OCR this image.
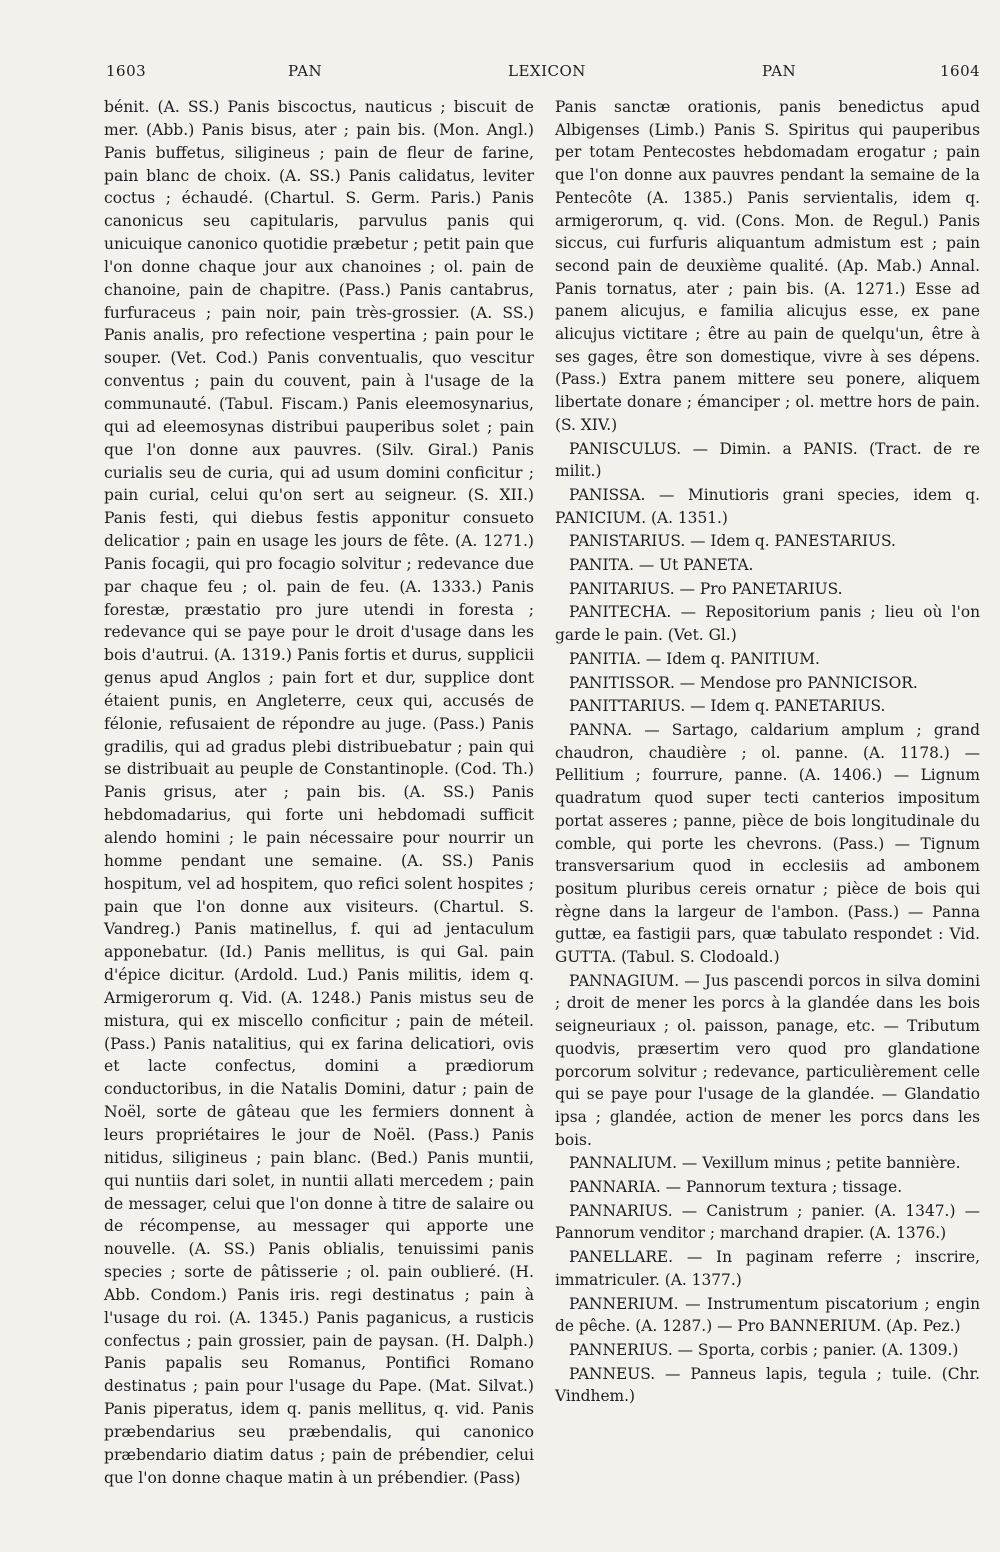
1603	PAN	LEXICON	PAN	1604

bénit. (A. SS.) Panis biscoctus, nauticus ; biscuit de mer. (Abb.) Panis bisus, ater ; pain bis. (Mon. Angl.) Panis buffetus, siligineus ; pain de fleur de farine, pain blanc de choix. (A. SS.) Panis calidatus, leviter coctus ; échaudé. (Chartul. S. Germ. Paris.) Panis canonicus seu capitularis, parvulus panis qui unicuique canonico quotidie præbetur ; petit pain que l'on donne chaque jour aux chanoines ; ol. pain de chanoine, pain de chapitre. (Pass.) Panis cantabrus, furfuraceus ; pain noir, pain très-grossier. (A. SS.) Panis analis, pro refectione vespertina ; pain pour le souper. (Vet. Cod.) Panis conventualis, quo vescitur conventus ; pain du couvent, pain à l'usage de la communauté. (Tabul. Fiscam.) Panis eleemosynarius, qui ad eleemosynas distribui pauperibus solet ; pain que l'on donne aux pauvres. (Silv. Giral.) Panis curialis seu de curia, qui ad usum domini conficitur ; pain curial, celui qu'on sert au seigneur. (S. XII.) Panis festi, qui diebus festis apponitur consueto delicatior ; pain en usage les jours de fête. (A. 1271.) Panis focagii, qui pro focagio solvitur ; redevance due par chaque feu ; ol. pain de feu. (A. 1333.) Panis forestæ, præstatio pro jure utendi in foresta ; redevance qui se paye pour le droit d'usage dans les bois d'autrui. (A. 1319.) Panis fortis et durus, supplicii genus apud Anglos ; pain fort et dur, supplice dont étaient punis, en Angleterre, ceux qui, accusés de félonie, refusaient de répondre au juge. (Pass.) Panis gradilis, qui ad gradus plebi distribuebatur ; pain qui se distribuait au peuple de Constantinople. (Cod. Th.) Panis grisus, ater ; pain bis. (A. SS.) Panis hebdomadarius, qui forte uni hebdomadi sufficit alendo homini ; le pain nécessaire pour nourrir un homme pendant une semaine. (A. SS.) Panis hospitum, vel ad hospitem, quo refici solent hospites ; pain que l'on donne aux visiteurs. (Chartul. S. Vandreg.) Panis matinellus, f. qui ad jentaculum apponebatur. (Id.) Panis mellitus, is qui Gal. pain d'épice dicitur. (Ardold. Lud.) Panis militis, idem q. Armigerorum q. Vid. (A. 1248.) Panis mistus seu de mistura, qui ex miscello conficitur ; pain de méteil. (Pass.) Panis natalitius, qui ex farina delicatiori, ovis et lacte confectus, domini a prædiorum conductoribus, in die Natalis Domini, datur ; pain de Noël, sorte de gâteau que les fermiers donnent à leurs propriétaires le jour de Noël. (Pass.) Panis nitidus, siligineus ; pain blanc. (Bed.) Panis muntii, qui nuntiis dari solet, in nuntii allati mercedem ; pain de messager, celui que l'on donne à titre de salaire ou de récompense, au messager qui apporte une nouvelle. (A. SS.) Panis oblialis, tenuissimi panis species ; sorte de pâtisserie ; ol. pain oublieré. (H. Abb. Condom.) Panis iris. regi destinatus ; pain à l'usage du roi. (A. 1345.) Panis paganicus, a rusticis confectus ; pain grossier, pain de paysan. (H. Dalph.) Panis papalis seu Romanus, Pontifici Romano destinatus ; pain pour l'usage du Pape. (Mat. Silvat.) Panis piperatus, idem q. panis mellitus, q. vid. Panis præbendarius seu præbendalis, qui canonico præbendario diatim datus ; pain de prébendier, celui que l'on donne chaque matin à un prébendier. (Pass)

Panis sanctæ orationis, panis benedictus apud Albigenses (Limb.) Panis S. Spiritus qui pauperibus per totam Pentecostes hebdomadam erogatur ; pain que l'on donne aux pauvres pendant la semaine de la Pentecôte (A. 1385.) Panis servientalis, idem q. armigerorum, q. vid. (Cons. Mon. de Regul.) Panis siccus, cui furfuris aliquantum admistum est ; pain second pain de deuxième qualité. (Ap. Mab.) Annal. Panis tornatus, ater ; pain bis. (A. 1271.) Esse ad panem alicujus, e familia alicujus esse, ex pane alicujus victitare ; être au pain de quelqu'un, être à ses gages, être son domestique, vivre à ses dépens. (Pass.) Extra panem mittere seu ponere, aliquem libertate donare ; émanciper ; ol. mettre hors de pain. (S. XIV.)

PANISCULUS. — Dimin. a PANIS. (Tract. de re milit.)

PANISSA. — Minutioris grani species, idem q. PANICIUM. (A. 1351.)

PANISTARIUS. — Idem q. PANESTARIUS.

PANITA. — Ut PANETA.

PANITARIUS. — Pro PANETARIUS.

PANITECHA. — Repositorium panis ; lieu où l'on garde le pain. (Vet. Gl.)

PANITIA. — Idem q. PANITIUM.

PANITISSOR. — Mendose pro PANNICISOR.

PANITTARIUS. — Idem q. PANETARIUS.

PANNA. — Sartago, caldarium amplum ; grand chaudron, chaudière ; ol. panne. (A. 1178.) — Pellitium ; fourrure, panne. (A. 1406.) — Lignum quadratum quod super tecti canterios impositum portat asseres ; panne, pièce de bois longitudinale du comble, qui porte les chevrons. (Pass.) — Tignum transversarium quod in ecclesiis ad ambonem positum pluribus cereis ornatur ; pièce de bois qui règne dans la largeur de l'ambon. (Pass.) — Panna guttæ, ea fastigii pars, quæ tabulato respondet : Vid. GUTTA. (Tabul. S. Clodoald.)

PANNAGIUM. — Jus pascendi porcos in silva domini ; droit de mener les porcs à la glandée dans les bois seigneuriaux ; ol. paisson, panage, etc. — Tributum quodvis, præsertim vero quod pro glandatione porcorum solvitur ; redevance, particulièrement celle qui se paye pour l'usage de la glandée. — Glandatio ipsa ; glandée, action de mener les porcs dans les bois.

PANNALIUM. — Vexillum minus ; petite bannière.

PANNARIA. — Pannorum textura ; tissage.

PANNARIUS. — Canistrum ; panier. (A. 1347.) — Pannorum venditor ; marchand drapier. (A. 1376.)

PANELLARE. — In paginam referre ; inscrire, immatriculer. (A. 1377.)

PANNERIUM. — Instrumentum piscatorium ; engin de pêche. (A. 1287.) — Pro BANNERIUM. (Ap. Pez.)

PANNERIUS. — Sporta, corbis ; panier. (A. 1309.)

PANNEUS. — Panneus lapis, tegula ; tuile. (Chr. Vindhem.)
